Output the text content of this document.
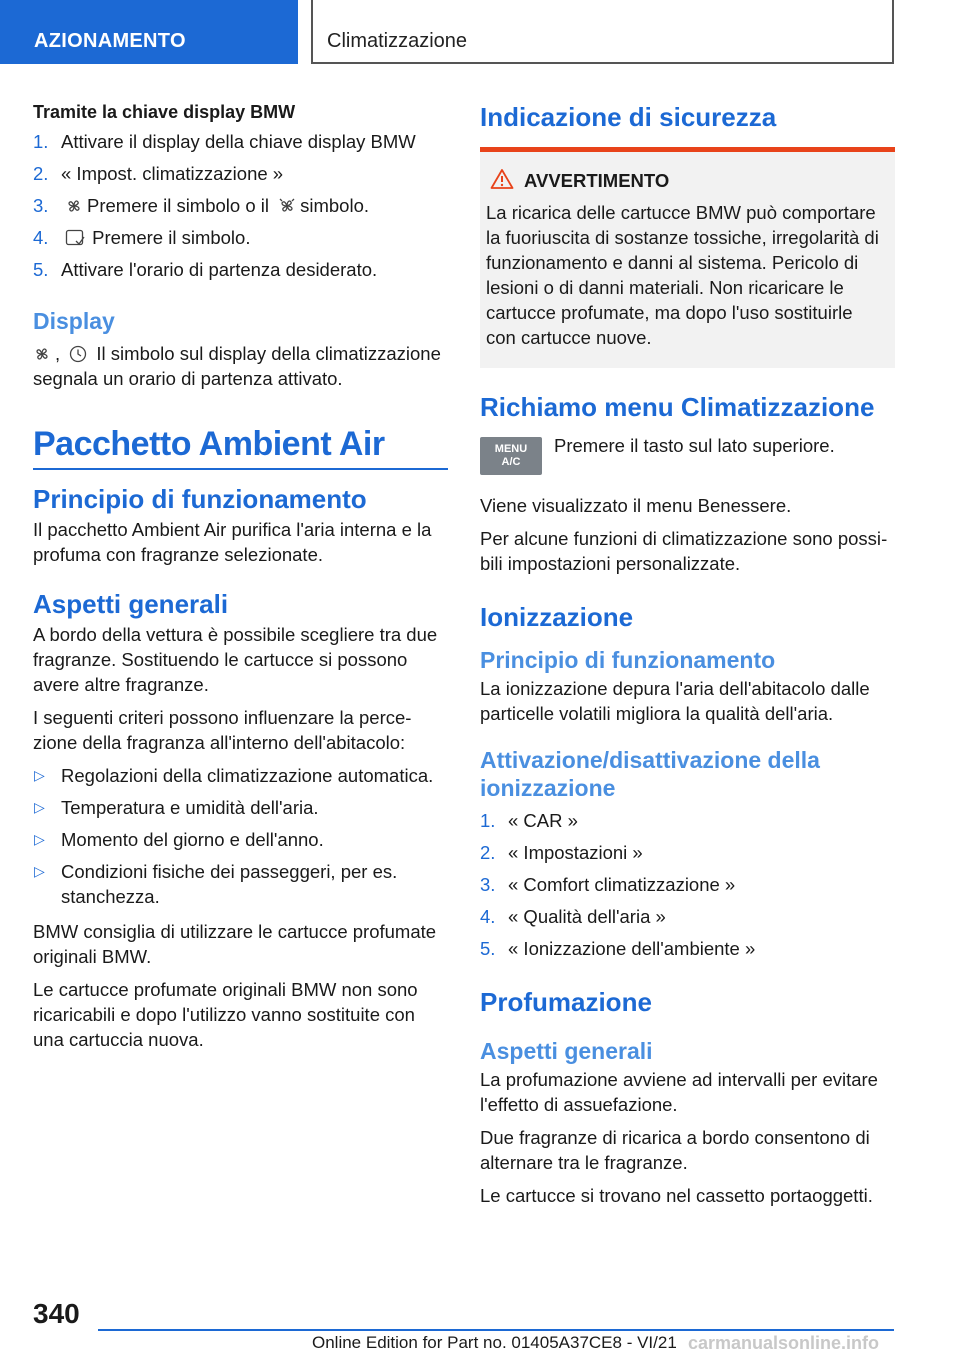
AZIONAMENTO	Climatizzazione
Tramite la chiave display BMW
1. Attivare il display della chiave display BMW
2. « Impost. climatizzazione »
3. Premere il simbolo o il simbolo.
4. Premere il simbolo.
5. Attivare l'orario di partenza desiderato.
Display

, Il simbolo sul display della climatizzazione segnala un orario di partenza attivato.

Pacchetto Ambient Air
Principio di funzionamento

Il pacchetto Ambient Air purifica l'aria interna e la profuma con fragranze selezionate.

Aspetti generali

A bordo della vettura è possibile scegliere tra due fragranze. Sostituendo le cartucce si possono avere altre fragranze.

I seguenti criteri possono influenzare la percezione della fragranza all'interno dell'abitacolo:

▷ Regolazioni della climatizzazione automatica.
▷ Temperatura e umidità dell'aria.
▷ Momento del giorno e dell'anno.
▷ Condizioni fisiche dei passeggeri, per es. stanchezza.

BMW consiglia di utilizzare le cartucce profumate originali BMW.

Le cartucce profumate originali BMW non sono ricaricabili e dopo l'utilizzo vanno sostituite con una cartuccia nuova.

Indicazione di sicurezza
AVVERTIMENTO

La ricarica delle cartucce BMW può comportare la fuoriuscita di sostanze tossiche, irregolarità di funzionamento e danni al sistema. Pericolo di lesioni o di danni materiali. Non ricaricare le cartucce profumate, ma dopo l'uso sostituirle con cartucce nuove.

Richiamo menu Climatizzazione
MENU
A/C
Premere il tasto sul lato superiore.

Viene visualizzato il menu Benessere.

Per alcune funzioni di climatizzazione sono possibili impostazioni personalizzate.

Ionizzazione
Principio di funzionamento

La ionizzazione depura l'aria dell'abitacolo dalle particelle volatili migliora la qualità dell'aria.

Attivazione/disattivazione della ionizzazione
1. « CAR »
2. « Impostazioni »
3. « Comfort climatizzazione »
4. « Qualità dell'aria »
5. « Ionizzazione dell'ambiente »
Profumazione
Aspetti generali

La profumazione avviene ad intervalli per evitare l'effetto di assuefazione.

Due fragranze di ricarica a bordo consentono di alternare tra le fragranze.

Le cartucce si trovano nel cassetto portaoggetti.

340
Online Edition for Part no. 01405A37CE8 - VI/21 carmanualsonline.info
